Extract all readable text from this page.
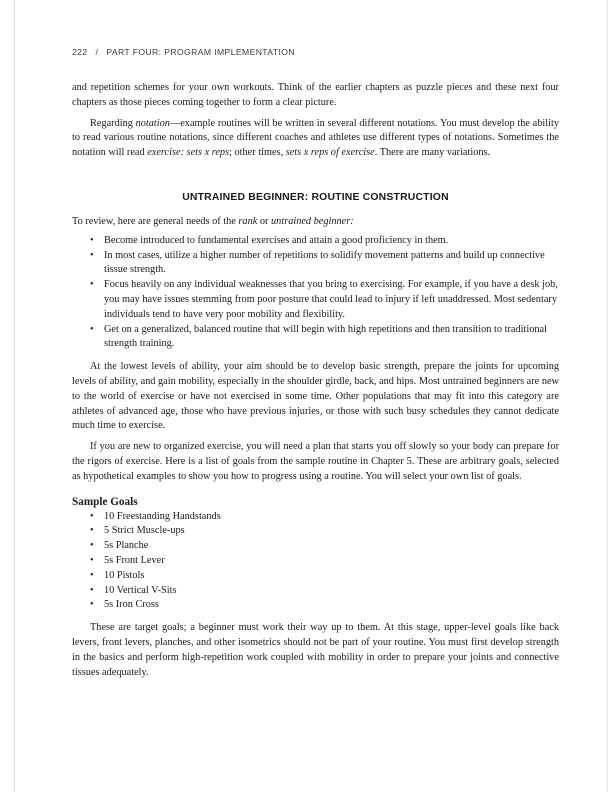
222 / PART FOUR: PROGRAM IMPLEMENTATION

and repetition schemes for your own workouts. Think of the earlier chapters as puzzle pieces and these next four chapters as those pieces coming together to form a clear picture.

Regarding notation—example routines will be written in several different notations. You must develop the ability to read various routine notations, since different coaches and athletes use different types of notations. Sometimes the notation will read exercise: sets x reps; other times, sets x reps of exercise. There are many variations.

UNTRAINED BEGINNER: ROUTINE CONSTRUCTION

To review, here are general needs of the rank or untrained beginner:

• Become introduced to fundamental exercises and attain a good proficiency in them.
• In most cases, utilize a higher number of repetitions to solidify movement patterns and build up connective tissue strength.
• Focus heavily on any individual weaknesses that you bring to exercising. For example, if you have a desk job, you may have issues stemming from poor posture that could lead to injury if left unaddressed. Most sedentary individuals tend to have very poor mobility and flexibility.
• Get on a generalized, balanced routine that will begin with high repetitions and then transition to traditional strength training.

At the lowest levels of ability, your aim should be to develop basic strength, prepare the joints for upcoming levels of ability, and gain mobility, especially in the shoulder girdle, back, and hips. Most untrained beginners are new to the world of exercise or have not exercised in some time. Other populations that may fit into this category are athletes of advanced age, those who have previous injuries, or those with such busy schedules they cannot dedicate much time to exercise.

If you are new to organized exercise, you will need a plan that starts you off slowly so your body can prepare for the rigors of exercise. Here is a list of goals from the sample routine in Chapter 5. These are arbitrary goals, selected as hypothetical examples to show you how to progress using a routine. You will select your own list of goals.

Sample Goals
• 10 Freestanding Handstands
• 5 Strict Muscle-ups
• 5s Planche
• 5s Front Lever
• 10 Pistols
• 10 Vertical V-Sits
• 5s Iron Cross

These are target goals; a beginner must work their way up to them. At this stage, upper-level goals like back levers, front levers, planches, and other isometrics should not be part of your routine. You must first develop strength in the basics and perform high-repetition work coupled with mobility in order to prepare your joints and connective tissues adequately.
